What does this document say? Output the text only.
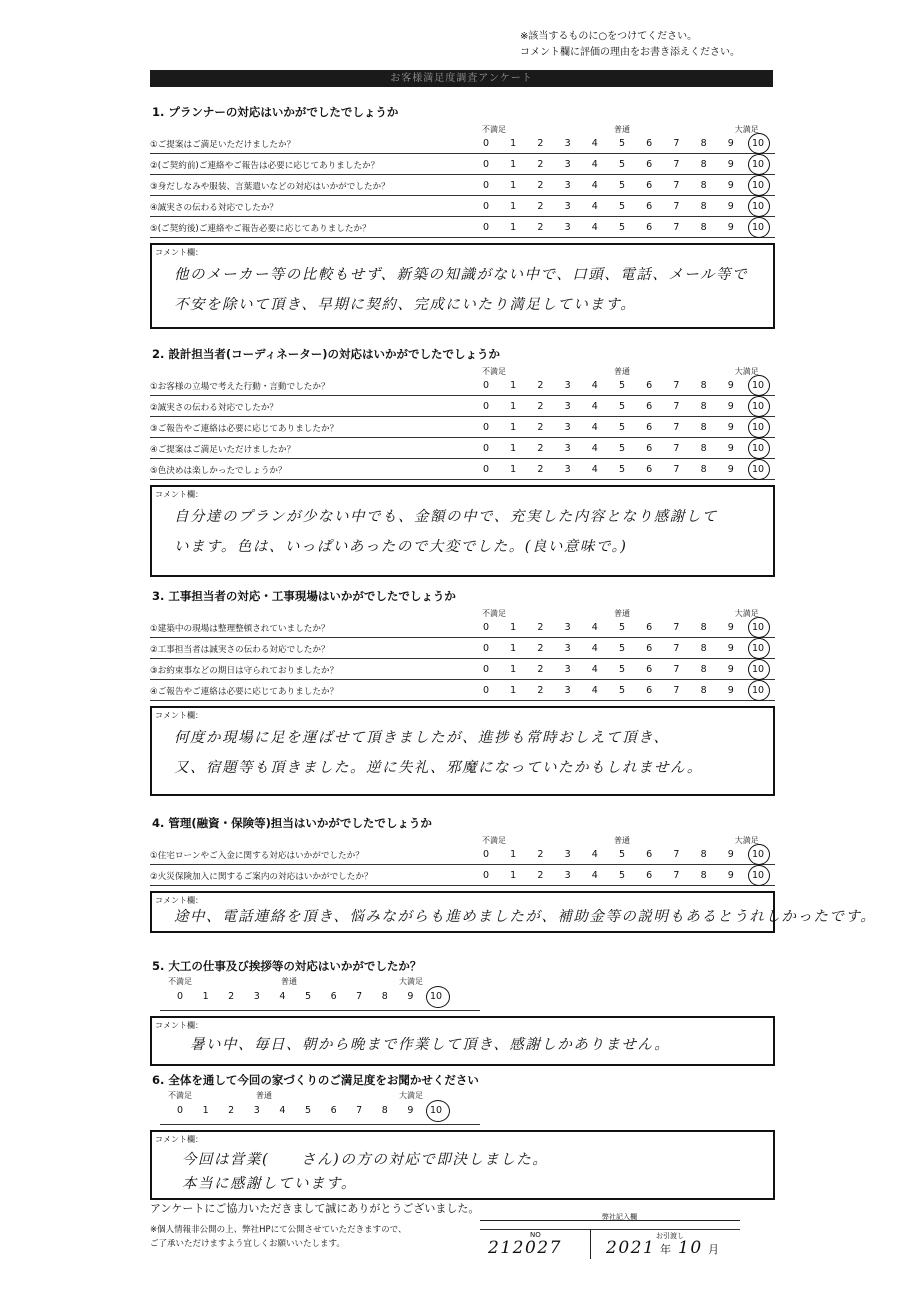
※該当するものに○をつけてください。
コメント欄に評価の理由をお書き添えください。
お客様満足度調査アンケート
1. プランナーの対応はいかがでしたでしょうか
不満足	普通	大満足
①ご提案はご満足いただけましたか？	0	1	2	3	4	5	6	7	8	9	10
②(ご契約前)ご連絡やご報告は必要に応じてありましたか？	0	1	2	3	4	5	6	7	8	9	10
③身だしなみや服装、言葉遣いなどの対応はいかがでしたか？	0	1	2	3	4	5	6	7	8	9	10
④誠実さの伝わる対応でしたか？	0	1	2	3	4	5	6	7	8	9	10
⑤(ご契約後)ご連絡やご報告必要に応じてありましたか？	0	1	2	3	4	5	6	7	8	9	10
コメント欄：
他のメーカー等の比較もせず、新築の知識がない中で、口頭、電話、メール等で
不安を除いて頂き、早期に契約、完成にいたり満足しています。
2. 設計担当者(コーディネーター)の対応はいかがでしたでしょうか
不満足	普通	大満足
①お客様の立場で考えた行動・言動でしたか？	0	1	2	3	4	5	6	7	8	9	10
②誠実さの伝わる対応でしたか？	0	1	2	3	4	5	6	7	8	9	10
③ご報告やご連絡は必要に応じてありましたか？	0	1	2	3	4	5	6	7	8	9	10
④ご提案はご満足いただけましたか？	0	1	2	3	4	5	6	7	8	9	10
⑤色決めは楽しかったでしょうか？	0	1	2	3	4	5	6	7	8	9	10
コメント欄：
自分達のプランが少ない中でも、金額の中で、充実した内容となり感謝して
います。色は、いっぱいあったので大変でした。(良い意味で。)
3. 工事担当者の対応・工事現場はいかがでしたでしょうか
不満足	普通	大満足
①建築中の現場は整理整頓されていましたか？	0	1	2	3	4	5	6	7	8	9	10
②工事担当者は誠実さの伝わる対応でしたか？	0	1	2	3	4	5	6	7	8	9	10
③お約束事などの期日は守られておりましたか？	0	1	2	3	4	5	6	7	8	9	10
④ご報告やご連絡は必要に応じてありましたか？	0	1	2	3	4	5	6	7	8	9	10
コメント欄：
何度か現場に足を運ばせて頂きましたが、進捗も常時おしえて頂き、
又、宿題等も頂きました。逆に失礼、邪魔になっていたかもしれません。
4. 管理(融資・保険等)担当はいかがでしたでしょうか
不満足	普通	大満足
①住宅ローンやご入金に関する対応はいかがでしたか？	0	1	2	3	4	5	6	7	8	9	10
②火災保険加入に関するご案内の対応はいかがでしたか？	0	1	2	3	4	5	6	7	8	9	10
コメント欄：
途中、電話連絡を頂き、悩みながらも進めましたが、補助金等の説明もあるとうれしかったです。
5. 大工の仕事及び挨拶等の対応はいかがでしたか？
不満足	普通	大満足
0	1	2	3	4	5	6	7	8	9	10
コメント欄：
暑い中、毎日、朝から晩まで作業して頂き、感謝しかありません。
6. 全体を通して今回の家づくりのご満足度をお聞かせください
不満足	普通	大満足
0	1	2	3	4	5	6	7	8	9	10
コメント欄：
今回は営業(　　さん)の方の対応で即決しました。
本当に感謝しています。
アンケートにご協力いただきまして誠にありがとうございました。
※個人情報非公開の上、弊社HPにて公開させていただきますので、
ご了承いただけますよう宜しくお願いいたします。
弊社記入欄
NO	お引渡し
212027	2021 年 10 月
